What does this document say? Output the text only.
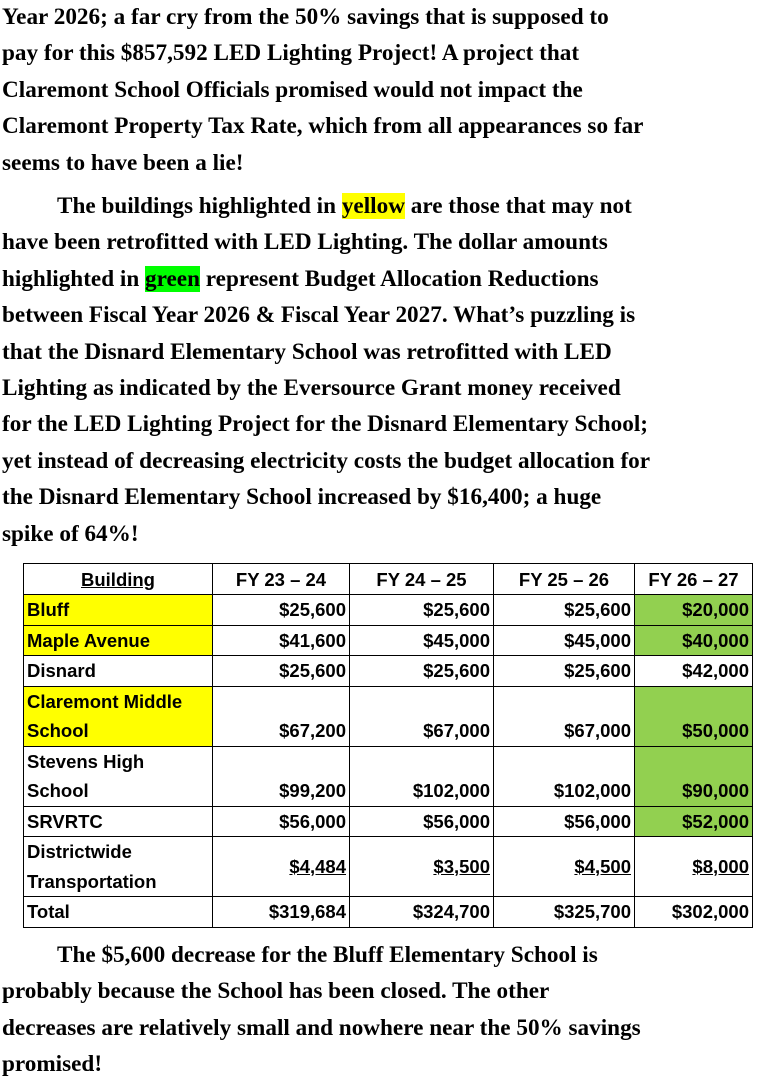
Year 2026; a far cry from the 50% savings that is supposed to
pay for this $857,592 LED Lighting Project! A project that
Claremont School Officials promised would not impact the
Claremont Property Tax Rate, which from all appearances so far
seems to have been a lie!
The buildings highlighted in yellow are those that may not
have been retrofitted with LED Lighting. The dollar amounts
highlighted in green represent Budget Allocation Reductions
between Fiscal Year 2026 & Fiscal Year 2027. What’s puzzling is
that the Disnard Elementary School was retrofitted with LED
Lighting as indicated by the Eversource Grant money received
for the LED Lighting Project for the Disnard Elementary School;
yet instead of decreasing electricity costs the budget allocation for
the Disnard Elementary School increased by $16,400; a huge
spike of 64%!
Building	FY 23 – 24	FY 24 – 25	FY 25 – 26	FY 26 – 27
Bluff	$25,600	$25,600	$25,600	$20,000
Maple Avenue	$41,600	$45,000	$45,000	$40,000
Disnard	$25,600	$25,600	$25,600	$42,000
Claremont Middle
School	$67,200	$67,000	$67,000	$50,000
Stevens High
School	$99,200	$102,000	$102,000	$90,000
SRVRTC	$56,000	$56,000	$56,000	$52,000
Districtwide
Transportation	$4,484	$3,500	$4,500	$8,000
Total	$319,684	$324,700	$325,700	$302,000
The $5,600 decrease for the Bluff Elementary School is
probably because the School has been closed. The other
decreases are relatively small and nowhere near the 50% savings
promised!
